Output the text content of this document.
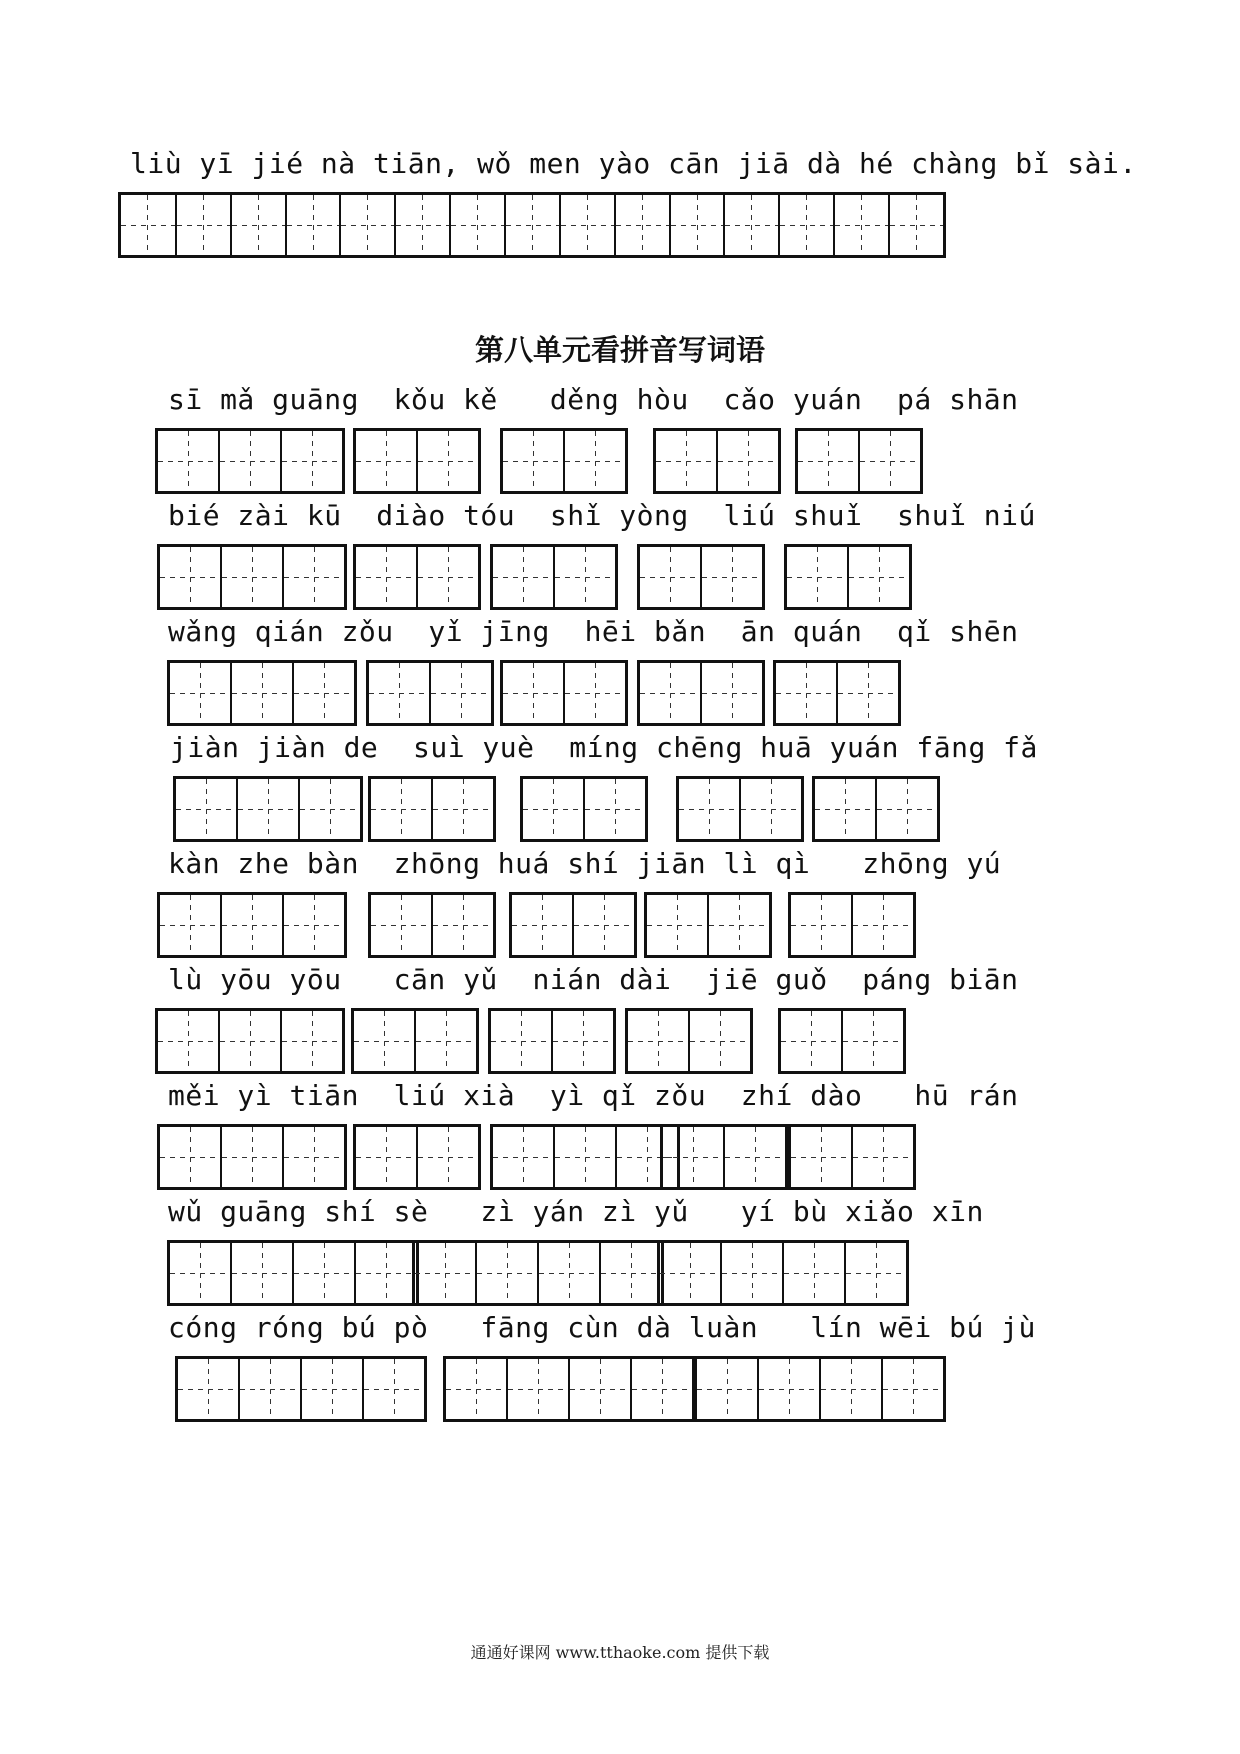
liù yī jié nà tiān, wǒ men yào cān jiā dà hé chàng bǐ sài.
第八单元看拼音写词语
sī mǎ guāng  kǒu kě   děng hòu  cǎo yuán  pá shān
bié zài kū  diào tóu  shǐ yòng  liú shuǐ  shuǐ niú
wǎng qián zǒu  yǐ jīng  hēi bǎn  ān quán  qǐ shēn
jiàn jiàn de  suì yuè  míng chēng huā yuán fāng fǎ
kàn zhe bàn  zhōng huá shí jiān lì qì   zhōng yú
lù yōu yōu   cān yǔ  nián dài  jiē guǒ  páng biān
měi yì tiān  liú xià  yì qǐ zǒu  zhí dào   hū rán
wǔ guāng shí sè   zì yán zì yǔ   yí bù xiǎo xīn
cóng róng bú pò   fāng cùn dà luàn   lín wēi bú jù
通通好课网 www.tthaoke.com 提供下载
